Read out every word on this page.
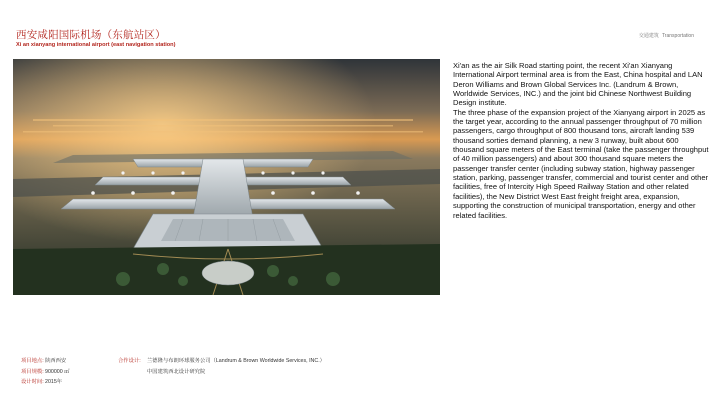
西安咸阳国际机场（东航站区）
Xi an xianyang international airport (east navigation station)
交通建筑 Transportation

Xi'an as the air Silk Road starting point, the recent Xi'an Xianyang International Airport terminal area is from the East, China hospital and LAN Deron Williams and Brown Global Services Inc. (Landrum & Brown, Worldwide Services, INC.) and the joint bid Chinese Northwest Building Design institute.

The three phase of the expansion project of the Xianyang airport in 2025 as the target year, according to the annual passenger throughput of 70 million passengers, cargo throughput of 800 thousand tons, aircraft landing 539 thousand sorties demand planning, a new 3 runway, built about 600 thousand square meters of the East terminal (take the passenger throughput of 40 million passengers) and about 300 thousand square meters the passenger transfer center (including subway station, highway passenger station, parking, passenger transfer, commercial and tourist center and other facilities, free of Intercity High Speed Railway Station and other related facilities), the New District West East freight freight area, expansion, supporting the construction of municipal transportation, energy and other related facilities.

项目地点:陕西西安
项目规模:900000 ㎡
设计时间:2015年
合作设计: 兰德隆与布朗环球服务公司（Landrum & Brown Worldwide Services, INC.）
中国建筑西北设计研究院
